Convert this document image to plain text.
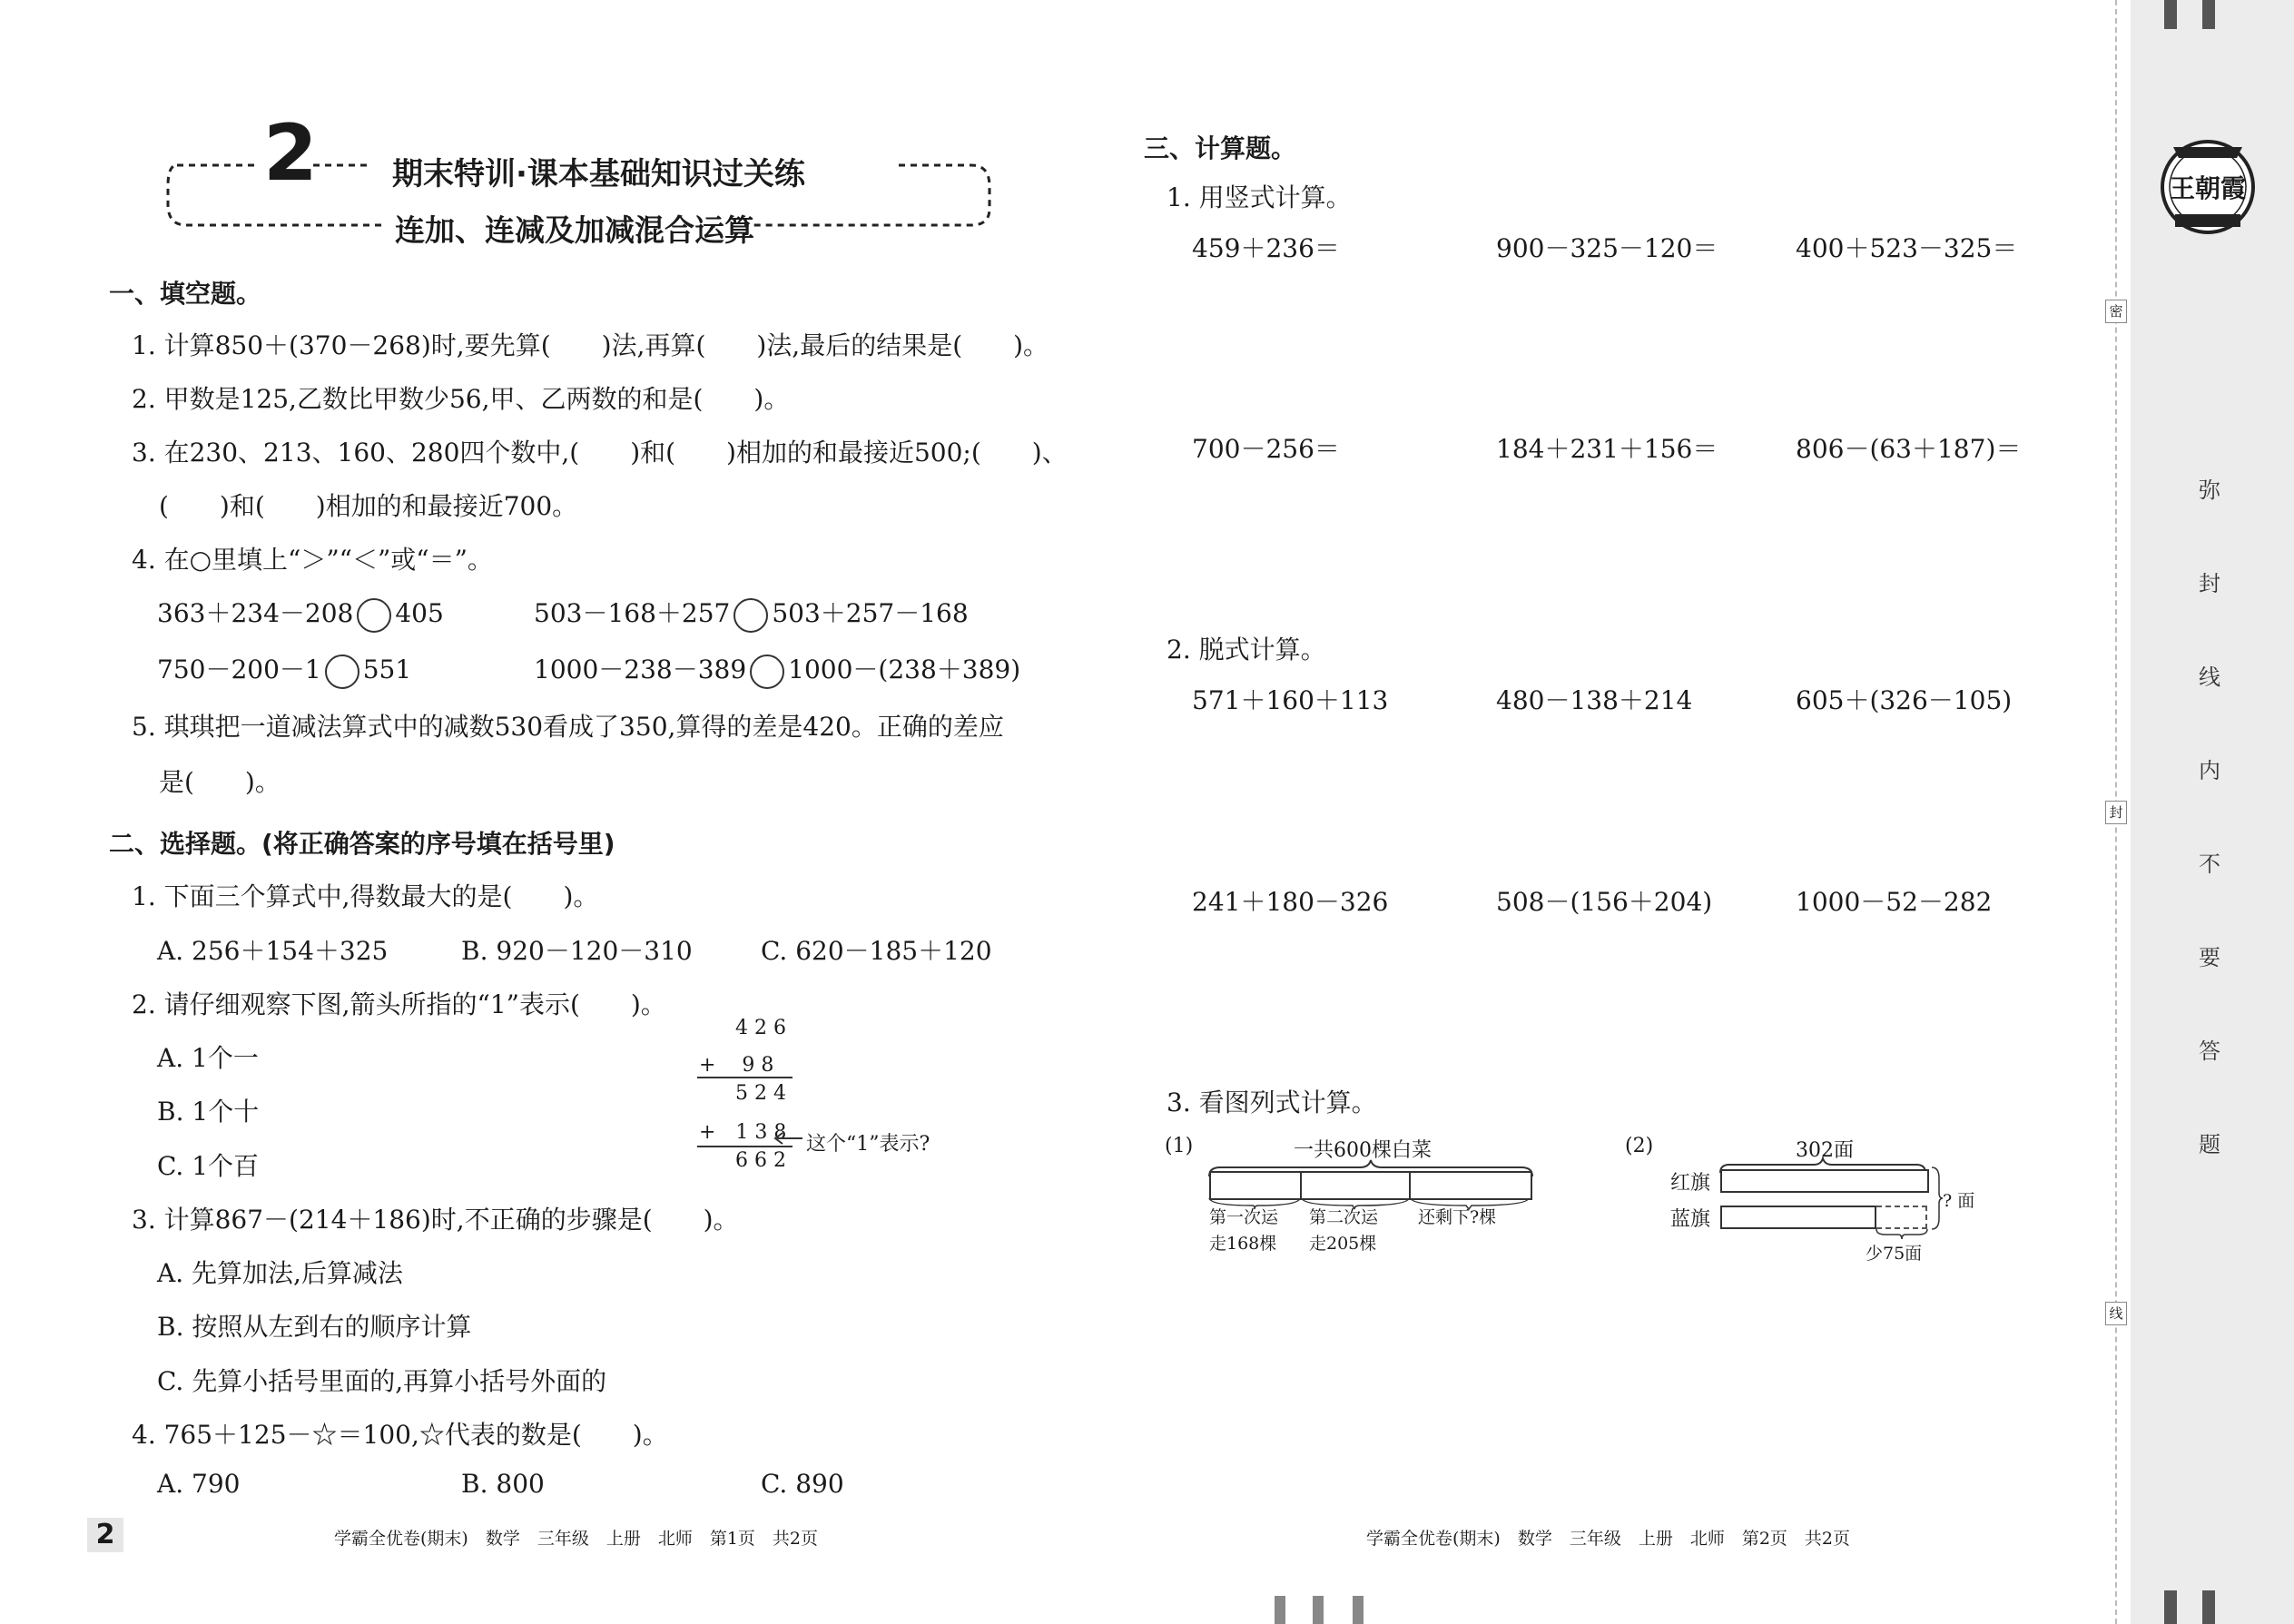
2 期末特训·课本基础知识过关练
连加、连减及加减混合运算
一、填空题。
1. 计算850＋(370－268)时,要先算(　　)法,再算(　　)法,最后的结果是(　　)。
2. 甲数是125,乙数比甲数少56,甲、乙两数的和是(　　)。
3. 在230、213、160、280四个数中,(　　)和(　　)相加的和最接近500;(　　)、
(　　)和(　　)相加的和最接近700。
4. 在○里填上“＞”“＜”或“＝”。
363＋234－208 405	503－168＋257 503＋257－168
750－200－1 551	1000－238－389 1000－(238＋389)
5. 琪琪把一道减法算式中的减数530看成了350,算得的差是420。正确的差应
是(　　)。
二、选择题。(将正确答案的序号填在括号里)
1. 下面三个算式中,得数最大的是(　　)。
A. 256＋154＋325	B. 920－120－310	C. 620－185＋120
2. 请仔细观察下图,箭头所指的“1”表示(　　)。
A. 1个一
B. 1个十
C. 1个百
4 2 6
+　 9 8
5 2 4
+　1 3 8
6 6 2
这个“1”表示?
3. 计算867－(214＋186)时,不正确的步骤是(　　)。
A. 先算加法,后算减法
B. 按照从左到右的顺序计算
C. 先算小括号里面的,再算小括号外面的
4. 765＋125－☆＝100,☆代表的数是(　　)。
A. 790	B. 800	C. 890
2	学霸全优卷(期末)　数学　三年级　上册　北师　第1页　共2页
三、计算题。
1. 用竖式计算。
459＋236＝	900－325－120＝	400＋523－325＝
700－256＝	184＋231＋156＝	806－(63＋187)＝
2. 脱式计算。
571＋160＋113	480－138＋214	605＋(326－105)
241＋180－326	508－(156＋204)	1000－52－282
3. 看图列式计算。
(1)	一共600棵白菜
第一次运
走168棵
第二次运
走205棵
还剩下?棵
(2)	302面
红旗
蓝旗
? 面
少75面
学霸全优卷(期末)　数学　三年级　上册　北师　第2页　共2页
王朝霞
弥
封
线
内
不
要
答
题
密
封
线
